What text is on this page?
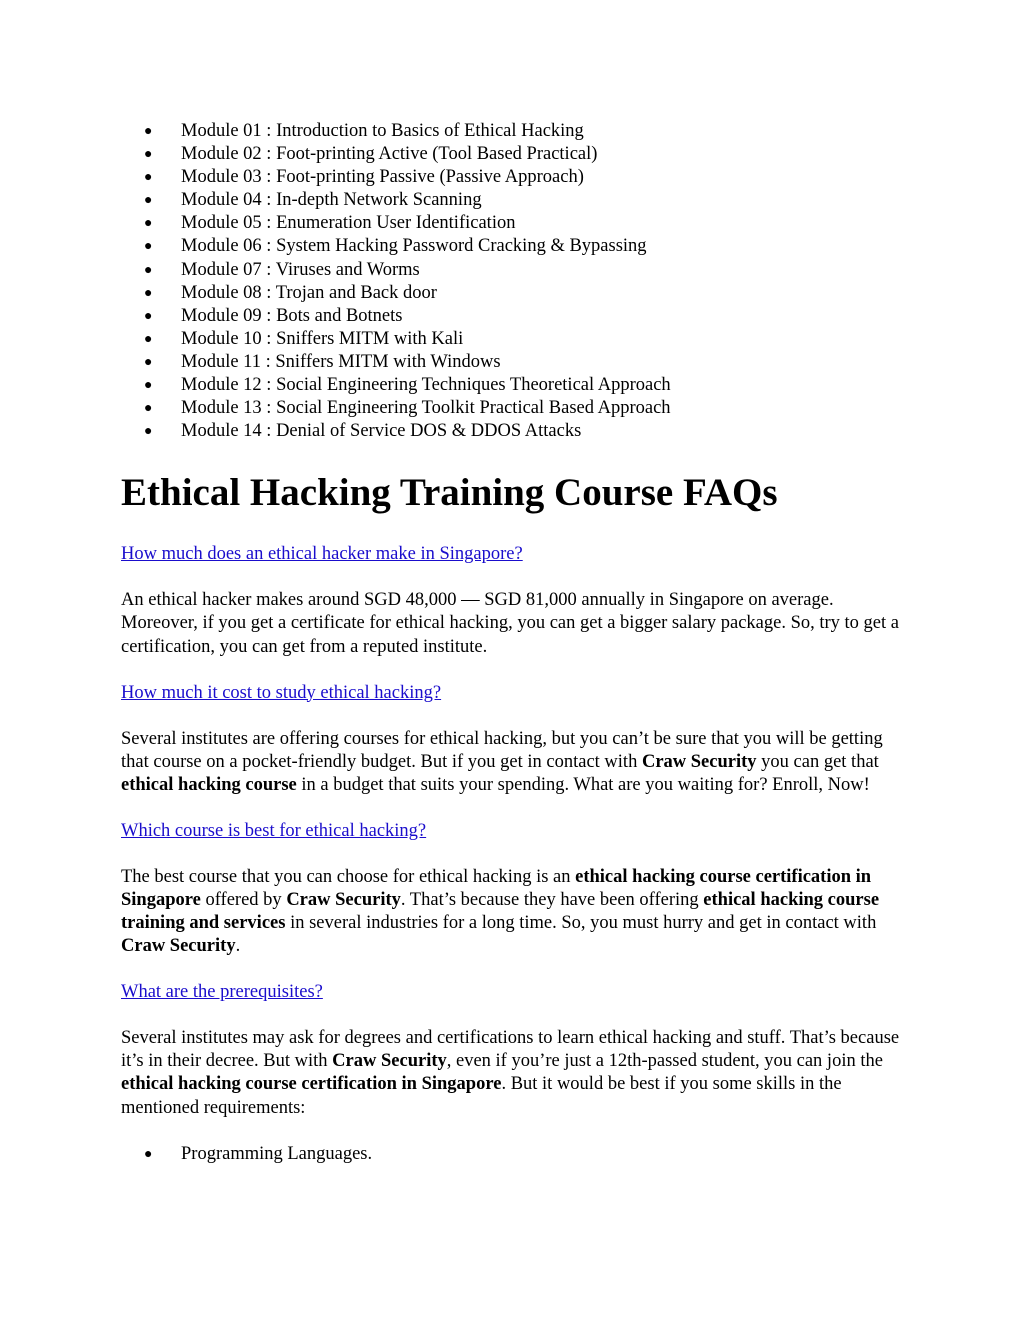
● Module 01 : Introduction to Basics of Ethical Hacking
● Module 02 : Foot-printing Active (Tool Based Practical)
● Module 03 : Foot-printing Passive (Passive Approach)
● Module 04 : In-depth Network Scanning
● Module 05 : Enumeration User Identification
● Module 06 : System Hacking Password Cracking & Bypassing
● Module 07 : Viruses and Worms
● Module 08 : Trojan and Back door
● Module 09 : Bots and Botnets
● Module 10 : Sniffers MITM with Kali
● Module 11 : Sniffers MITM with Windows
● Module 12 : Social Engineering Techniques Theoretical Approach
● Module 13 : Social Engineering Toolkit Practical Based Approach
● Module 14 : Denial of Service DOS & DDOS Attacks
Ethical Hacking Training Course FAQs
How much does an ethical hacker make in Singapore?

An ethical hacker makes around SGD 48,000 — SGD 81,000 annually in Singapore on average. Moreover, if you get a certificate for ethical hacking, you can get a bigger salary package. So, try to get a certification, you can get from a reputed institute.

How much it cost to study ethical hacking?

Several institutes are offering courses for ethical hacking, but you can’t be sure that you will be getting that course on a pocket-friendly budget. But if you get in contact with Craw Security you can get that ethical hacking course in a budget that suits your spending. What are you waiting for? Enroll, Now!

Which course is best for ethical hacking?

The best course that you can choose for ethical hacking is an ethical hacking course certification in Singapore offered by Craw Security. That’s because they have been offering ethical hacking course training and services in several industries for a long time. So, you must hurry and get in contact with Craw Security.

What are the prerequisites?

Several institutes may ask for degrees and certifications to learn ethical hacking and stuff. That’s because it’s in their decree. But with Craw Security, even if you’re just a 12th-passed student, you can join the ethical hacking course certification in Singapore. But it would be best if you some skills in the mentioned requirements:

● Programming Languages.
